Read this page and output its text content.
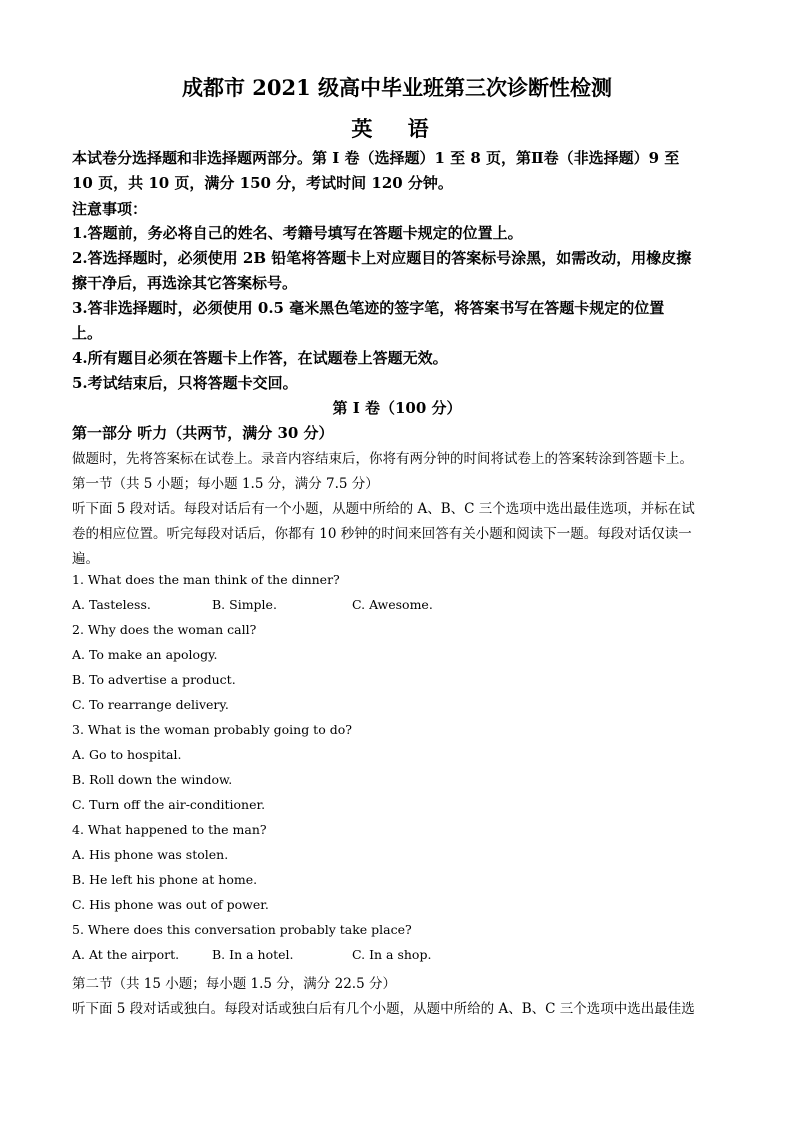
成都市 2021 级高中毕业班第三次诊断性检测
英 语
本试卷分选择题和非选择题两部分。第 I 卷（选择题）1 至 8 页，第Ⅱ卷（非选择题）9 至
10 页，共 10 页，满分 150 分，考试时间 120 分钟。
注意事项：
1.答题前，务必将自己的姓名、考籍号填写在答题卡规定的位置上。
2.答选择题时，必须使用 2B 铅笔将答题卡上对应题目的答案标号涂黑，如需改动，用橡皮擦
擦干净后，再选涂其它答案标号。
3.答非选择题时，必须使用 0.5 毫米黑色笔迹的签字笔，将答案书写在答题卡规定的位置
上。
4.所有题目必须在答题卡上作答，在试题卷上答题无效。
5.考试结束后，只将答题卡交回。
第 I 卷（100 分）
第一部分 听力（共两节，满分 30 分）
做题时，先将答案标在试卷上。录音内容结束后，你将有两分钟的时间将试卷上的答案转涂到答题卡上。
第一节（共 5 小题；每小题 1.5 分，满分 7.5 分）
听下面 5 段对话。每段对话后有一个小题，从题中所给的 A、B、C 三个选项中选出最佳选项，并标在试
卷的相应位置。听完每段对话后，你都有 10 秒钟的时间来回答有关小题和阅读下一题。每段对话仅读一
遍。
1. What does the man think of the dinner?
A. Tasteless.	B. Simple.	C. Awesome.
2. Why does the woman call?
A. To make an apology.
B. To advertise a product.
C. To rearrange delivery.
3. What is the woman probably going to do?
A. Go to hospital.
B. Roll down the window.
C. Turn off the air-conditioner.
4. What happened to the man?
A. His phone was stolen.
B. He left his phone at home.
C. His phone was out of power.
5. Where does this conversation probably take place?
A. At the airport.	B. In a hotel.	C. In a shop.
第二节（共 15 小题；每小题 1.5 分，满分 22.5 分）
听下面 5 段对话或独白。每段对话或独白后有几个小题，从题中所给的 A、B、C 三个选项中选出最佳选
